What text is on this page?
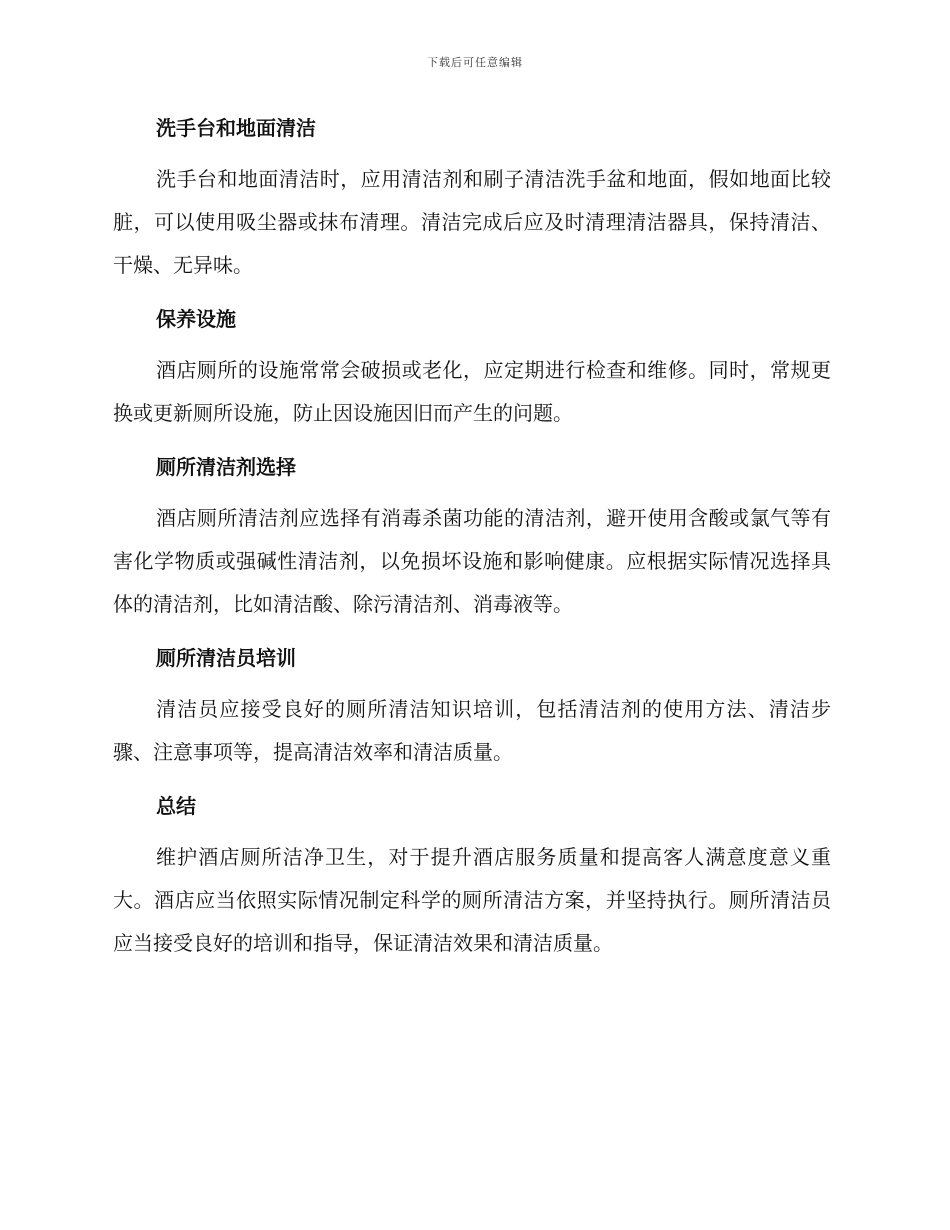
下载后可任意编辑
洗手台和地面清洁

洗手台和地面清洁时，应用清洁剂和刷子清洁洗手盆和地面，假如地面比较脏，可以使用吸尘器或抹布清理。清洁完成后应及时清理清洁器具，保持清洁、干燥、无异味。

保养设施

酒店厕所的设施常常会破损或老化，应定期进行检查和维修。同时，常规更换或更新厕所设施，防止因设施因旧而产生的问题。

厕所清洁剂选择

酒店厕所清洁剂应选择有消毒杀菌功能的清洁剂，避开使用含酸或氯气等有害化学物质或强碱性清洁剂，以免损坏设施和影响健康。应根据实际情况选择具体的清洁剂，比如清洁酸、除污清洁剂、消毒液等。

厕所清洁员培训

清洁员应接受良好的厕所清洁知识培训，包括清洁剂的使用方法、清洁步骤、注意事项等，提高清洁效率和清洁质量。

总结

维护酒店厕所洁净卫生，对于提升酒店服务质量和提高客人满意度意义重大。酒店应当依照实际情况制定科学的厕所清洁方案，并坚持执行。厕所清洁员应当接受良好的培训和指导，保证清洁效果和清洁质量。
